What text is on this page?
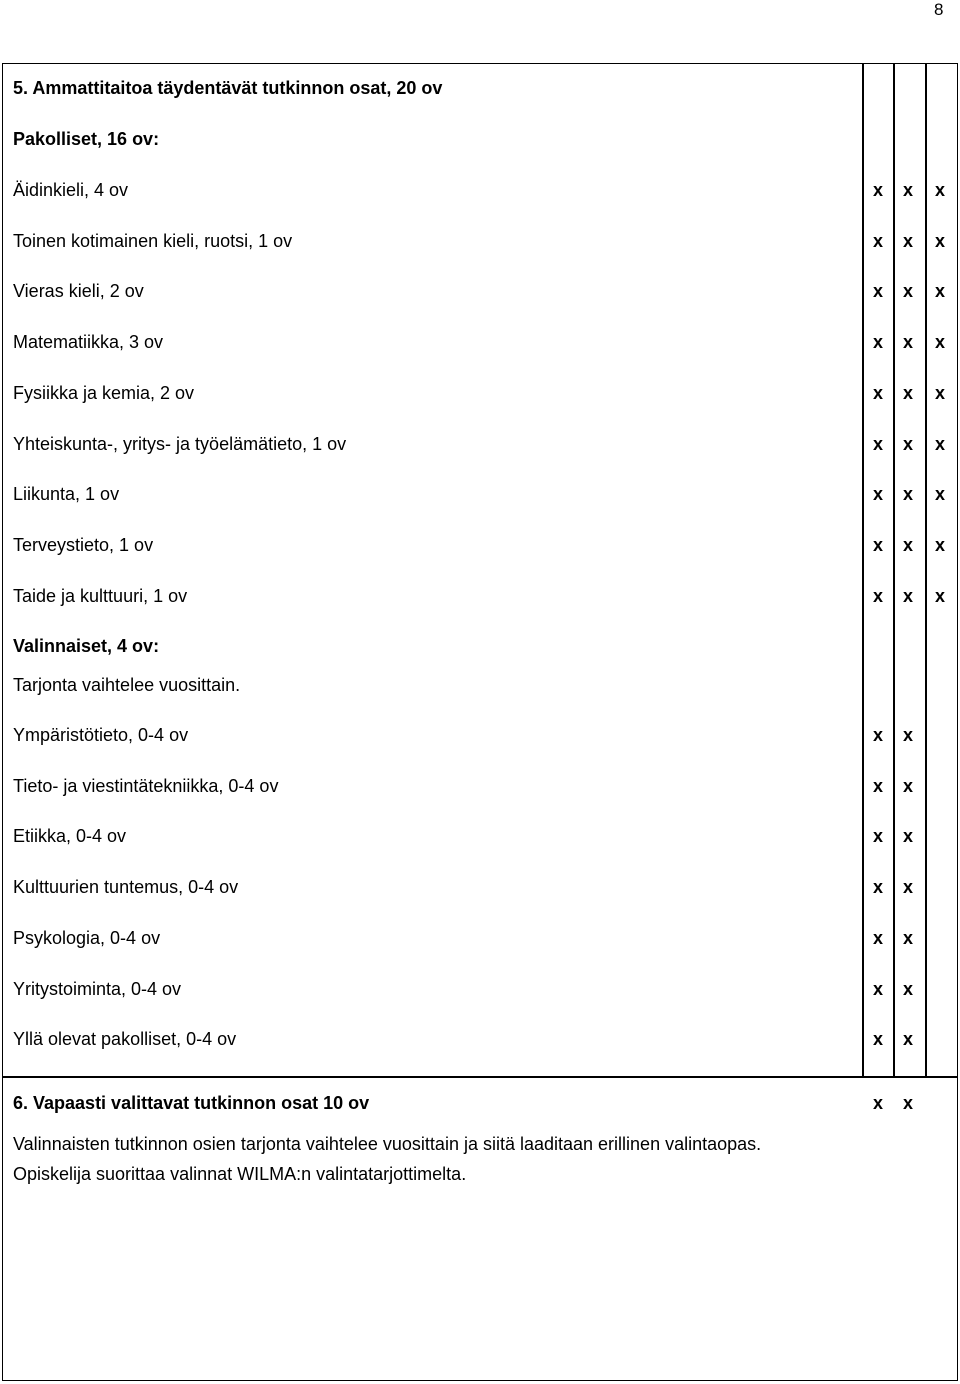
8
5. Ammattitaitoa täydentävät tutkinnon osat, 20 ov
Pakolliset, 16 ov:
Äidinkieli, 4 ov	x x x
Toinen kotimainen kieli, ruotsi, 1 ov	x x x
Vieras kieli, 2 ov	x x x
Matematiikka, 3 ov	x x x
Fysiikka ja kemia, 2 ov	x x x
Yhteiskunta-, yritys- ja työelämätieto, 1 ov	x x x
Liikunta, 1 ov	x x x
Terveystieto, 1 ov	x x x
Taide ja kulttuuri, 1 ov	x x x
Valinnaiset, 4 ov:
Tarjonta vaihtelee vuosittain.
Ympäristötieto, 0-4 ov	x x
Tieto- ja viestintätekniikka, 0-4 ov	x x
Etiikka, 0-4 ov	x x
Kulttuurien tuntemus, 0-4 ov	x x
Psykologia, 0-4 ov	x x
Yritystoiminta, 0-4 ov	x x
Yllä olevat pakolliset, 0-4 ov	x x
6. Vapaasti valittavat tutkinnon osat 10 ov	x x
Valinnaisten tutkinnon osien tarjonta vaihtelee vuosittain ja siitä laaditaan erillinen valintaopas.
Opiskelija suorittaa valinnat WILMA:n valintatarjottimelta.
